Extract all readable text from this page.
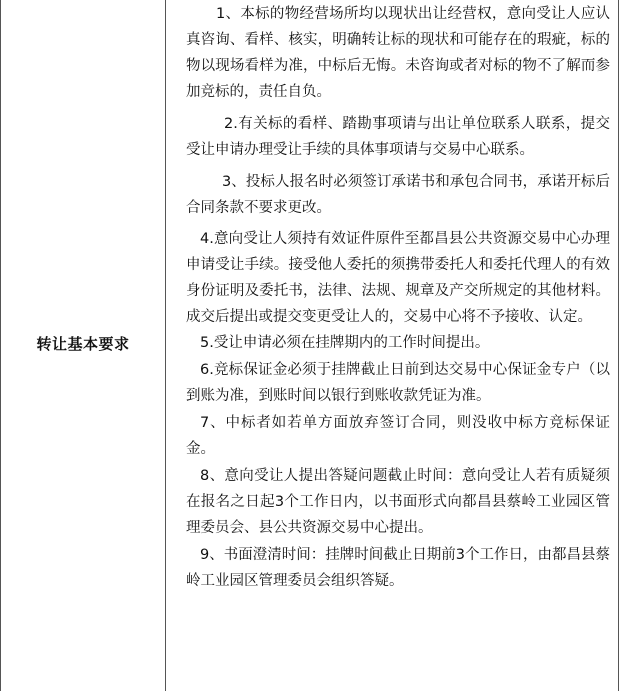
转让基本要求

1、本标的物经营场所均以现状出让经营权，意向受让人应认真咨询、看样、核实，明确转让标的现状和可能存在的瑕疵，标的物以现场看样为准，中标后无悔。未咨询或者对标的物不了解而参加竞标的，责任自负。

2.有关标的看样、踏勘事项请与出让单位联系人联系，提交受让申请办理受让手续的具体事项请与交易中心联系。

3、投标人报名时必须签订承诺书和承包合同书，承诺开标后合同条款不要求更改。

4.意向受让人须持有效证件原件至都昌县公共资源交易中心办理申请受让手续。接受他人委托的须携带委托人和委托代理人的有效身份证明及委托书，法律、法规、规章及产交所规定的其他材料。成交后提出或提交变更受让人的，交易中心将不予接收、认定。

5.受让申请必须在挂牌期内的工作时间提出。

6.竞标保证金必须于挂牌截止日前到达交易中心保证金专户（以到账为准，到账时间以银行到账收款凭证为准。

7、中标者如若单方面放弃签订合同，则没收中标方竞标保证金。

8、意向受让人提出答疑问题截止时间：意向受让人若有质疑须在报名之日起3个工作日内，以书面形式向都昌县蔡岭工业园区管理委员会、县公共资源交易中心提出。

9、书面澄清时间：挂牌时间截止日期前3个工作日，由都昌县蔡岭工业园区管理委员会组织答疑。
